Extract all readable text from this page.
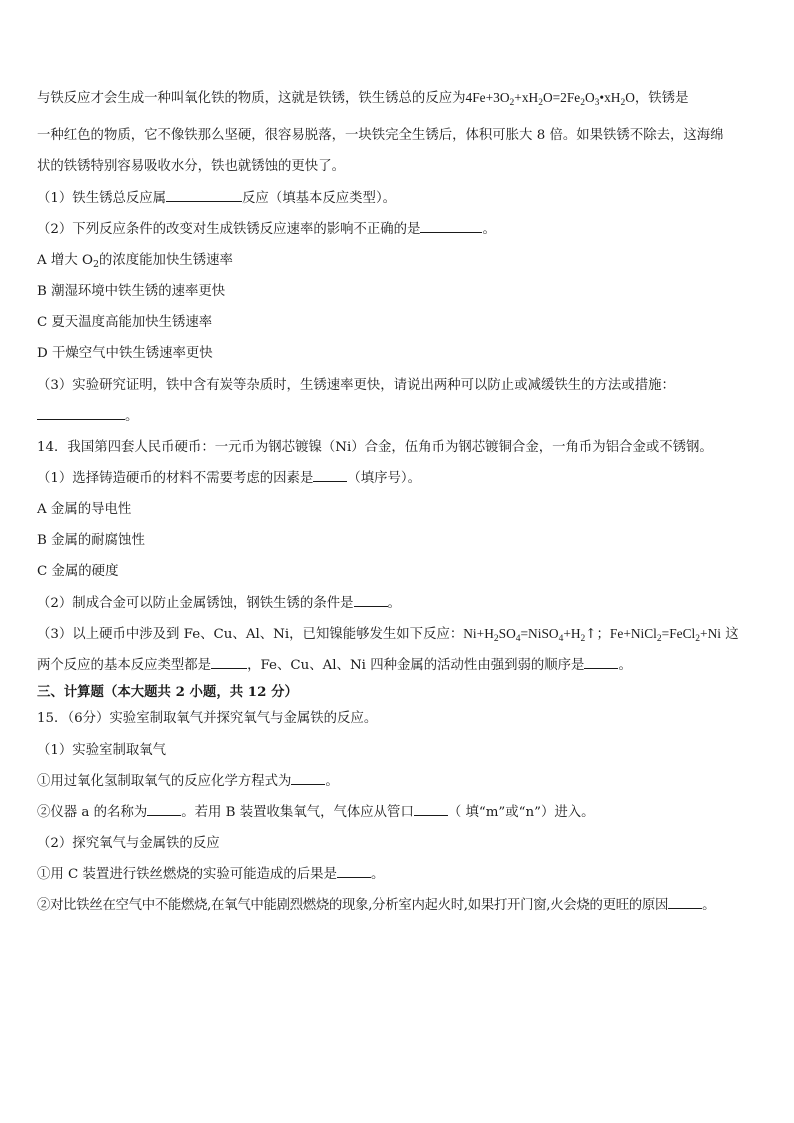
与铁反应才会生成一种叫氧化铁的物质，这就是铁锈，铁生锈总的反应为$4Fe+3O_2+xH_2O=2Fe_2O_3•xH_2O$，铁锈是
一种红色的物质，它不像铁那么坚硬，很容易脱落，一块铁完全生锈后，体积可胀大 8 倍。如果铁锈不除去，这海绵
状的铁锈特别容易吸收水分，铁也就锈蚀的更快了。
（1）铁生锈总反应属	反应（填基本反应类型）。
（2）下列反应条件的改变对生成铁锈反应速率的影响不正确的是	。
A 增大 $O_2$的浓度能加快生锈速率
B 潮湿环境中铁生锈的速率更快
C 夏天温度高能加快生锈速率
D 干燥空气中铁生锈速率更快
（3）实验研究证明，铁中含有炭等杂质时，生锈速率更快，请说出两种可以防止或减缓铁生的方法或措施：
。
14．我国第四套人民币硬币：一元币为钢芯镀镍（Ni）合金，伍角币为钢芯镀铜合金，一角币为铝合金或不锈钢。
（1）选择铸造硬币的材料不需要考虑的因素是	（填序号）。
A 金属的导电性
B 金属的耐腐蚀性
C 金属的硬度
（2）制成合金可以防止金属锈蚀，钢铁生锈的条件是	。
（3）以上硬币中涉及到 Fe、Cu、Al、Ni，已知镍能够发生如下反应：$Ni+H_2SO_4=NiSO_4+H_2↑$；Fe+NiCl$_2$=FeCl$_2$+Ni 这
两个反应的基本反应类型都是	，Fe、Cu、Al、Ni 四种金属的活动性由强到弱的顺序是	。
三、计算题（本大题共 2 小题，共 12 分）
15．（6分）实验室制取氧气并探究氧气与金属铁的反应。
（1）实验室制取氧气
①用过氧化氢制取氧气的反应化学方程式为	。
②仪器 a 的名称为	。若用 B 装置收集氧气，气体应从管口	（ 填“m”或“n”）进入。
（2）探究氧气与金属铁的反应
①用 C 装置进行铁丝燃烧的实验可能造成的后果是	。
②对比铁丝在空气中不能燃烧,在氧气中能剧烈燃烧的现象,分析室内起火时,如果打开门窗,火会烧的更旺的原因	。
